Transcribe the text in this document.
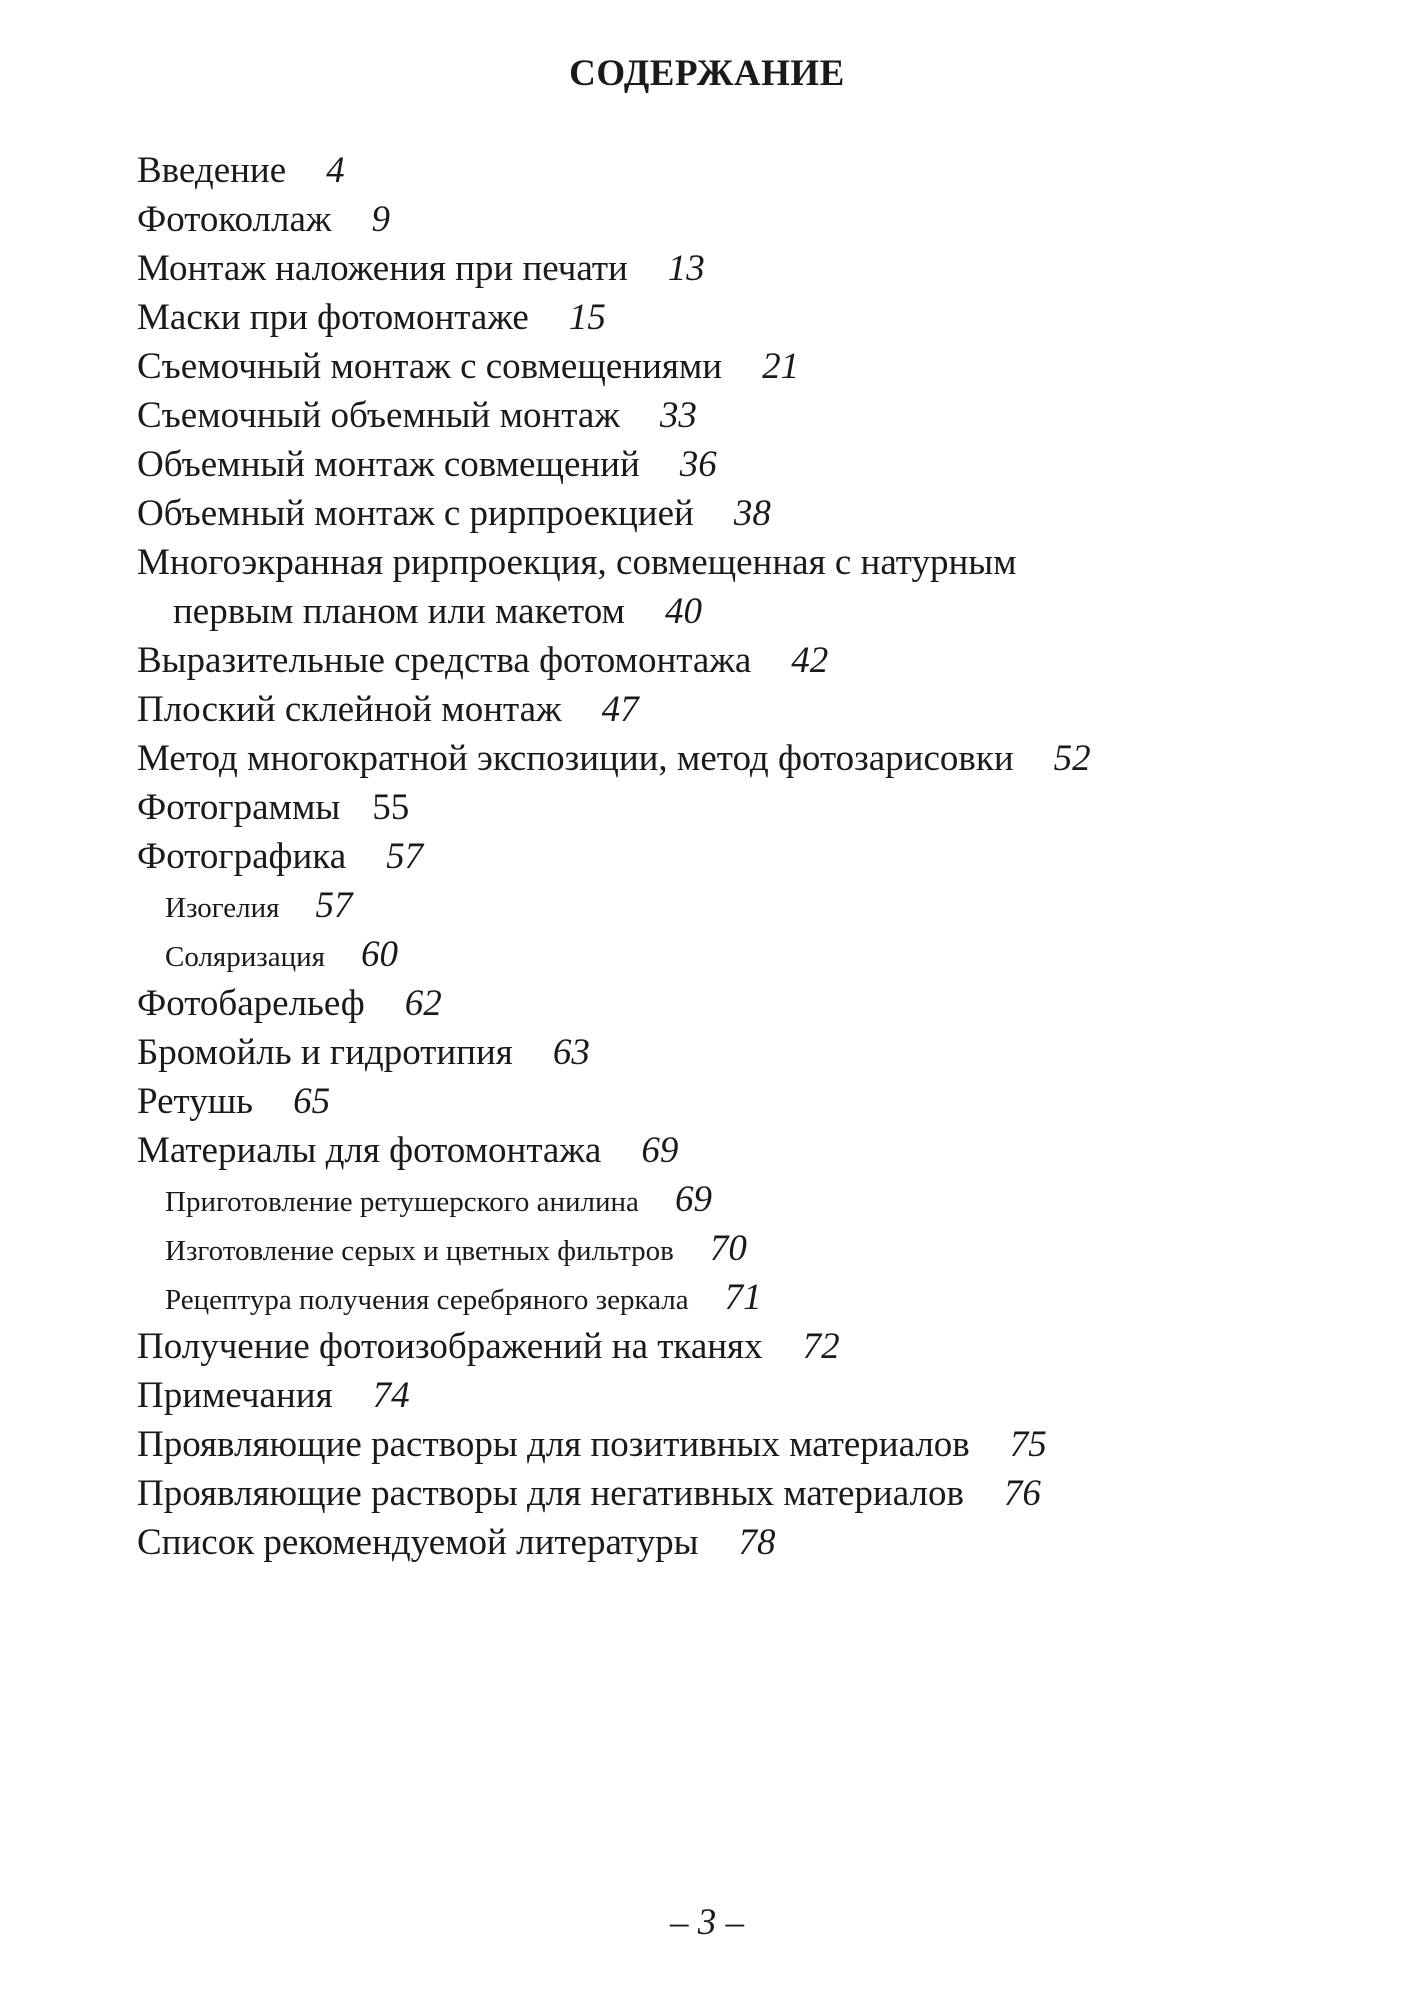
СОДЕРЖАНИЕ
Введение 4
Фотоколлаж 9
Монтаж наложения при печати 13
Маски при фотомонтаже 15
Съемочный монтаж с совмещениями 21
Съемочный объемный монтаж 33
Объемный монтаж совмещений 36
Объемный монтаж с рирпроекцией 38
Многоэкранная рирпроекция, совмещенная с натурным
первым планом или макетом 40
Выразительные средства фотомонтажа 42
Плоский склейной монтаж 47
Метод многократной экспозиции, метод фотозарисовки 52
Фотограммы 55
Фотографика 57
Изогелия 57
Соляризация 60
Фотобарельеф 62
Бромойль и гидротипия 63
Ретушь 65
Материалы для фотомонтажа 69
Приготовление ретушерского анилина 69
Изготовление серых и цветных фильтров 70
Рецептура получения серебряного зеркала 71
Получение фотоизображений на тканях 72
Примечания 74
Проявляющие растворы для позитивных материалов 75
Проявляющие растворы для негативных материалов 76
Список рекомендуемой литературы 78
– 3 –
